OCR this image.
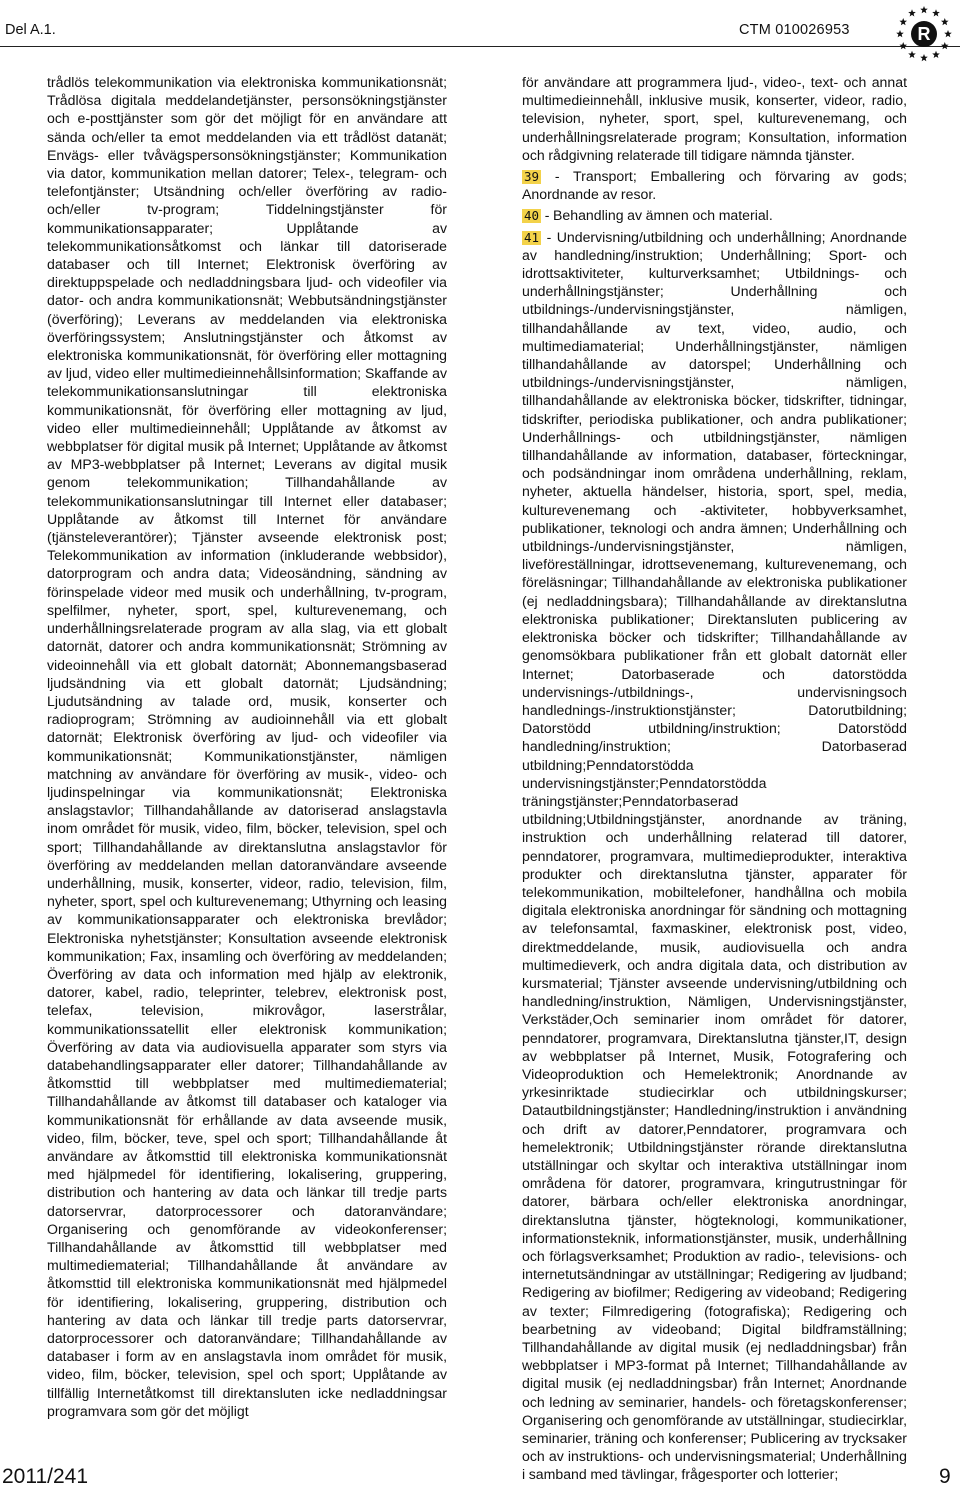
Del A.1.	CTM 010026953	R
trådlös telekommunikation via elektroniska kommunikationsnät; Trådlösa digitala meddelandetjänster, personsökningstjänster och e-posttjänster som gör det möjligt för en användare att sända och/eller ta emot meddelanden via ett trådlöst datanät; Envägs- eller tvåvägspersonsökningstjänster; Kommunikation via dator, kommunikation mellan datorer; Telex-, telegram- och telefontjänster; Utsändning och/eller överföring av radio- och/eller tv-program; Tiddelningstjänster för kommunikationsapparater; Upplåtande av telekommunikationsåtkomst och länkar till datoriserade databaser och till Internet; Elektronisk överföring av direktuppspelade och nedladdningsbara ljud- och videofiler via dator- och andra kommunikationsnät; Webbutsändningstjänster (överföring); Leverans av meddelanden via elektroniska överföringssystem; Anslutningstjänster och åtkomst av elektroniska kommunikationsnät, för överföring eller mottagning av ljud, video eller multimedieinnehållsinformation; Skaffande av telekommunikationsanslutningar till elektroniska kommunikationsnät, för överföring eller mottagning av ljud, video eller multimedieinnehåll; Upplåtande av åtkomst av webbplatser för digital musik på Internet; Upplåtande av åtkomst av MP3-webbplatser på Internet; Leverans av digital musik genom telekommunikation; Tillhandahållande av telekommunikationsanslutningar till Internet eller databaser; Upplåtande av åtkomst till Internet för användare (tjänsteleverantörer); Tjänster avseende elektronisk post; Telekommunikation av information (inkluderande webbsidor), datorprogram och andra data; Videosändning, sändning av förinspelade videor med musik och underhållning, tv-program, spelfilmer, nyheter, sport, spel, kulturevenemang, och underhållningsrelaterade program av alla slag, via ett globalt datornät, datorer och andra kommunikationsnät; Strömning av videoinnehåll via ett globalt datornät; Abonnemangsbaserad ljudsändning via ett globalt datornät; Ljudsändning; Ljudutsändning av talade ord, musik, konserter och radioprogram; Strömning av audioinnehåll via ett globalt datornät; Elektronisk överföring av ljud- och videofiler via kommunikationsnät; Kommunikationstjänster, nämligen matchning av användare för överföring av musik-, video- och ljudinspelningar via kommunikationsnät; Elektroniska anslagstavlor; Tillhandahållande av datoriserad anslagstavla inom området för musik, video, film, böcker, television, spel och sport; Tillhandahållande av direktanslutna anslagstavlor för överföring av meddelanden mellan datoranvändare avseende underhållning, musik, konserter, videor, radio, television, film, nyheter, sport, spel och kulturevenemang; Uthyrning och leasing av kommunikationsapparater och elektroniska brevlådor; Elektroniska nyhetstjänster; Konsultation avseende elektronisk kommunikation; Fax, insamling och överföring av meddelanden; Överföring av data och information med hjälp av elektronik, datorer, kabel, radio, teleprinter, telebrev, elektronisk post, telefax, television, mikrovågor, laserstrålar, kommunikationssatellit eller elektronisk kommunikation; Överföring av data via audiovisuella apparater som styrs via databehandlingsapparater eller datorer; Tillhandahållande av åtkomsttid till webbplatser med multimediematerial; Tillhandahållande av åtkomst till databaser och kataloger via kommunikationsnät för erhållande av data avseende musik, video, film, böcker, teve, spel och sport; Tillhandahållande åt användare av åtkomsttid till elektroniska kommunikationsnät med hjälpmedel för identifiering, lokalisering, gruppering, distribution och hantering av data och länkar till tredje parts datorservrar, datorprocessorer och datoranvändare; Organisering och genomförande av videokonferenser; Tillhandahållande av åtkomsttid till webbplatser med multimediematerial; Tillhandahållande åt användare av åtkomsttid till elektroniska kommunikationsnät med hjälpmedel för identifiering, lokalisering, gruppering, distribution och hantering av data och länkar till tredje parts datorservrar, datorprocessorer och datoranvändare; Tillhandahållande av databaser i form av en anslagstavla inom området för musik, video, film, böcker, television, spel och sport; Upplåtande av tillfällig Internetåtkomst till direktansluten icke nedladdningsar programvara som gör det möjligt
för användare att programmera ljud-, video-, text- och annat multimedieinnehåll, inklusive musik, konserter, videor, radio, television, nyheter, sport, spel, kulturevenemang, och underhållningsrelaterade program; Konsultation, information och rådgivning relaterade till tidigare nämnda tjänster.

39 - Transport; Emballering och förvaring av gods; Anordnande av resor.

40 - Behandling av ämnen och material.

41 - Undervisning/utbildning och underhållning; Anordnande av handledning/instruktion; Underhållning; Sport- och idrottsaktiviteter, kulturverksamhet; Utbildnings- och underhållningstjänster; Underhållning och utbildnings-/undervisningstjänster, nämligen, tillhandahållande av text, video, audio, och multimediamaterial; Underhållningstjänster, nämligen tillhandahållande av datorspel; Underhållning och utbildnings-/undervisningstjänster, nämligen, tillhandahållande av elektroniska böcker, tidskrifter, tidningar, tidskrifter, periodiska publikationer, och andra publikationer; Underhållnings- och utbildningstjänster, nämligen tillhandahållande av information, databaser, förteckningar, och podsändningar inom områdena underhållning, reklam, nyheter, aktuella händelser, historia, sport, spel, media, kulturevenemang och -aktiviteter, hobbyverksamhet, publikationer, teknologi och andra ämnen; Underhållning och utbildnings-/undervisningstjänster, nämligen, liveföreställningar, idrottsevenemang, kulturevenemang, och föreläsningar; Tillhandahållande av elektroniska publikationer (ej nedladdningsbara); Tillhandahållande av direktanslutna elektroniska publikationer; Direktansluten publicering av elektroniska böcker och tidskrifter; Tillhandahållande av genomsökbara publikationer från ett globalt datornät eller Internet; Datorbaserade och datorstödda undervisnings-/utbildnings-, undervisningsoch handlednings-/instruktionstjänster; Datorutbildning; Datorstödd utbildning/instruktion; Datorstödd handledning/instruktion; Datorbaserad utbildning;Penndatorstödda undervisningstjänster;Penndatorstödda träningstjänster;Penndatorbaserad utbildning;Utbildningstjänster, anordnande av träning, instruktion och underhållning relaterad till datorer, penndatorer, programvara, multimedieprodukter, interaktiva produkter och direktanslutna tjänster, apparater för telekommunikation, mobiltelefoner, handhållna och mobila digitala elektroniska anordningar för sändning och mottagning av telefonsamtal, faxmaskiner, elektronisk post, video, direktmeddelande, musik, audiovisuella och andra multimedieverk, och andra digitala data, och distribution av kursmaterial; Tjänster avseende undervisning/utbildning och handledning/instruktion, Nämligen, Undervisningstjänster, Verkstäder,Och seminarier inom området för datorer, penndatorer, programvara, Direktanslutna tjänster,IT, design av webbplatser på Internet, Musik, Fotografering och Videoproduktion och Hemelektronik; Anordnande av yrkesinriktade studiecirklar och utbildningskurser; Datautbildningstjänster; Handledning/instruktion i användning och drift av datorer,Penndatorer, programvara och hemelektronik; Utbildningstjänster rörande direktanslutna utställningar och skyltar och interaktiva utställningar inom områdena för datorer, programvara, kringutrustningar för datorer, bärbara och/eller elektroniska anordningar, direktanslutna tjänster, högteknologi, kommunikationer, informationsteknik, informationstjänster, musik, underhållning och förlagsverksamhet; Produktion av radio-, televisions- och internetutsändningar av utställningar; Redigering av ljudband; Redigering av biofilmer; Redigering av videoband; Redigering av texter; Filmredigering (fotografiska); Redigering och bearbetning av videoband; Digital bildframställning; Tillhandahållande av digital musik (ej nedladdningsbar) från webbplatser i MP3-format på Internet; Tillhandahållande av digital musik (ej nedladdningsbar) från Internet; Anordnande och ledning av seminarier, handels- och företagskonferenser; Organisering och genomförande av utställningar, studiecirklar, seminarier, träning och konferenser; Publicering av trycksaker och av instruktions- och undervisningsmaterial; Underhållning i samband med tävlingar, frågesporter och lotterier;

2011/241	9
